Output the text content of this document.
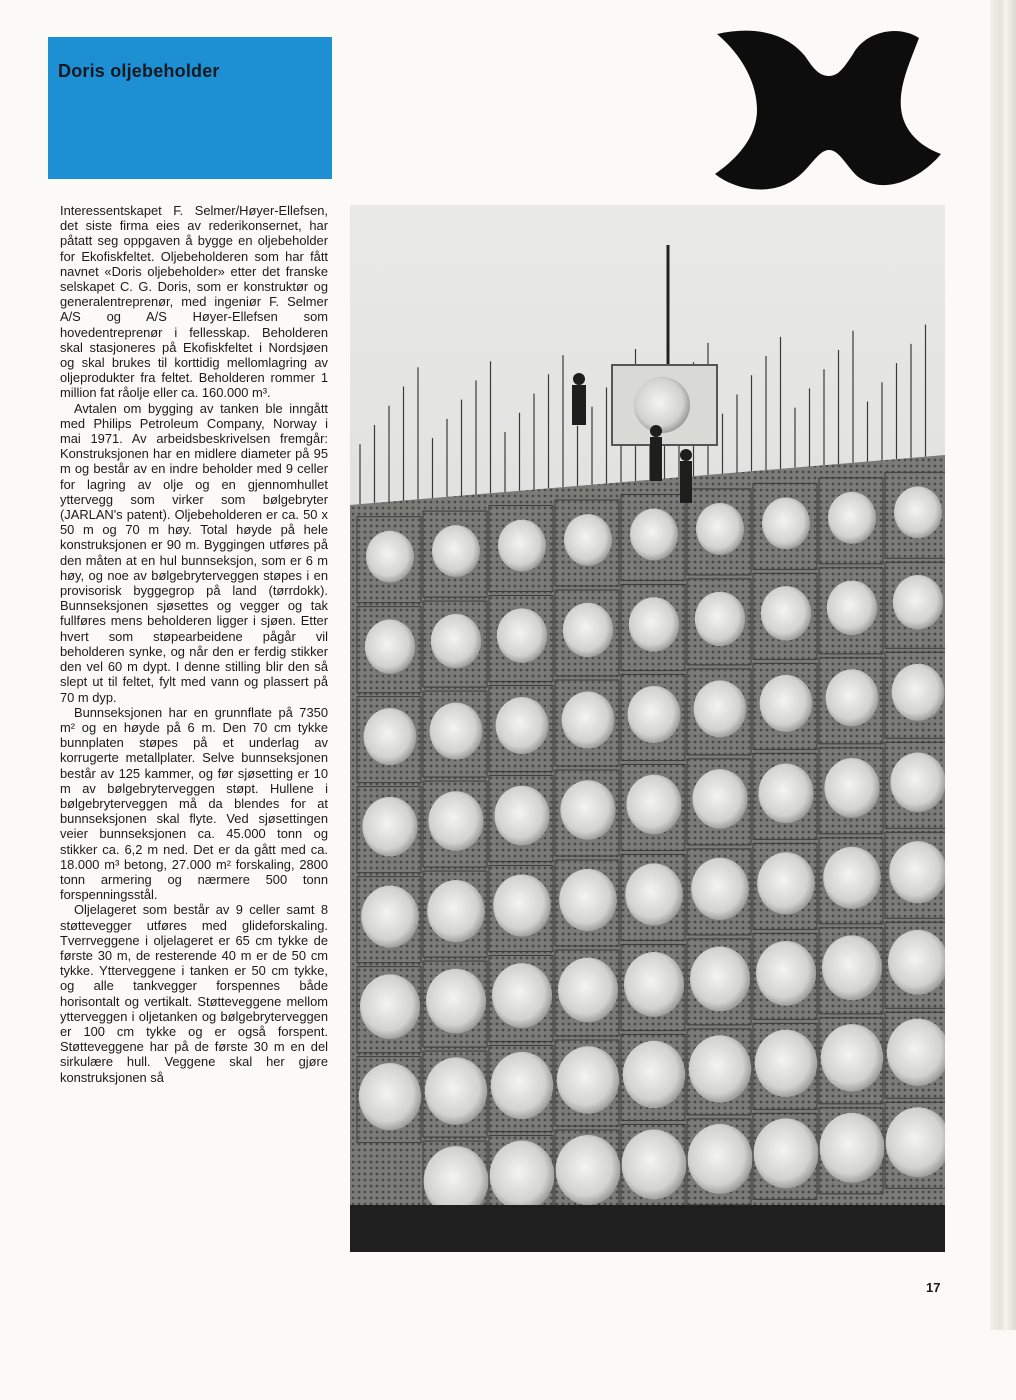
Doris oljebeholder

Interessentskapet F. Selmer/Høyer-Ellefsen, det siste firma eies av rederikonsernet, har påtatt seg oppgaven å bygge en oljebeholder for Ekofiskfeltet. Oljebeholderen som har fått navnet «Doris oljebeholder» etter det franske selskapet C. G. Doris, som er konstruktør og generalentreprenør, med ingeniør F. Selmer A/S og A/S Høyer-Ellefsen som hovedentreprenør i fellesskap. Beholderen skal stasjoneres på Ekofiskfeltet i Nordsjøen og skal brukes til korttidig mellomlagring av oljeprodukter fra feltet. Beholderen rommer 1 million fat råolje eller ca. 160.000 m³.

Avtalen om bygging av tanken ble inngått med Philips Petroleum Company, Norway i mai 1971. Av arbeidsbeskrivelsen fremgår: Konstruksjonen har en midlere diameter på 95 m og består av en indre beholder med 9 celler for lagring av olje og en gjennomhullet yttervegg som virker som bølgebryter (JARLAN's patent). Oljebeholderen er ca. 50 x 50 m og 70 m høy. Total høyde på hele konstruksjonen er 90 m. Byggingen utføres på den måten at en hul bunnseksjon, som er 6 m høy, og noe av bølgebryterveggen støpes i en provisorisk byggegrop på land (tørrdokk). Bunnseksjonen sjøsettes og vegger og tak fullføres mens beholderen ligger i sjøen. Etter hvert som støpearbeidene pågår vil beholderen synke, og når den er ferdig stikker den vel 60 m dypt. I denne stilling blir den så slept ut til feltet, fylt med vann og plassert på 70 m dyp.

Bunnseksjonen har en grunnflate på 7350 m² og en høyde på 6 m. Den 70 cm tykke bunnplaten støpes på et underlag av korrugerte metallplater. Selve bunnseksjonen består av 125 kammer, og før sjøsetting er 10 m av bølgebryterveggen støpt. Hullene i bølgebryterveggen må da blendes for at bunnseksjonen skal flyte. Ved sjøsettingen veier bunnseksjonen ca. 45.000 tonn og stikker ca. 6,2 m ned. Det er da gått med ca. 18.000 m³ betong, 27.000 m² forskaling, 2800 tonn armering og nærmere 500 tonn forspenningsstål.

Oljelageret som består av 9 celler samt 8 støttevegger utføres med glideforskaling. Tverrveggene i oljelageret er 65 cm tykke de første 30 m, de resterende 40 m er de 50 cm tykke. Ytterveggene i tanken er 50 cm tykke, og alle tankvegger forspennes både horisontalt og vertikalt. Støtteveggene mellom ytterveggen i oljetanken og bølgebryterveggen er 100 cm tykke og er også forspent. Støtteveggene har på de første 30 m en del sirkulære hull. Veggene skal her gjøre konstruksjonen så

17
